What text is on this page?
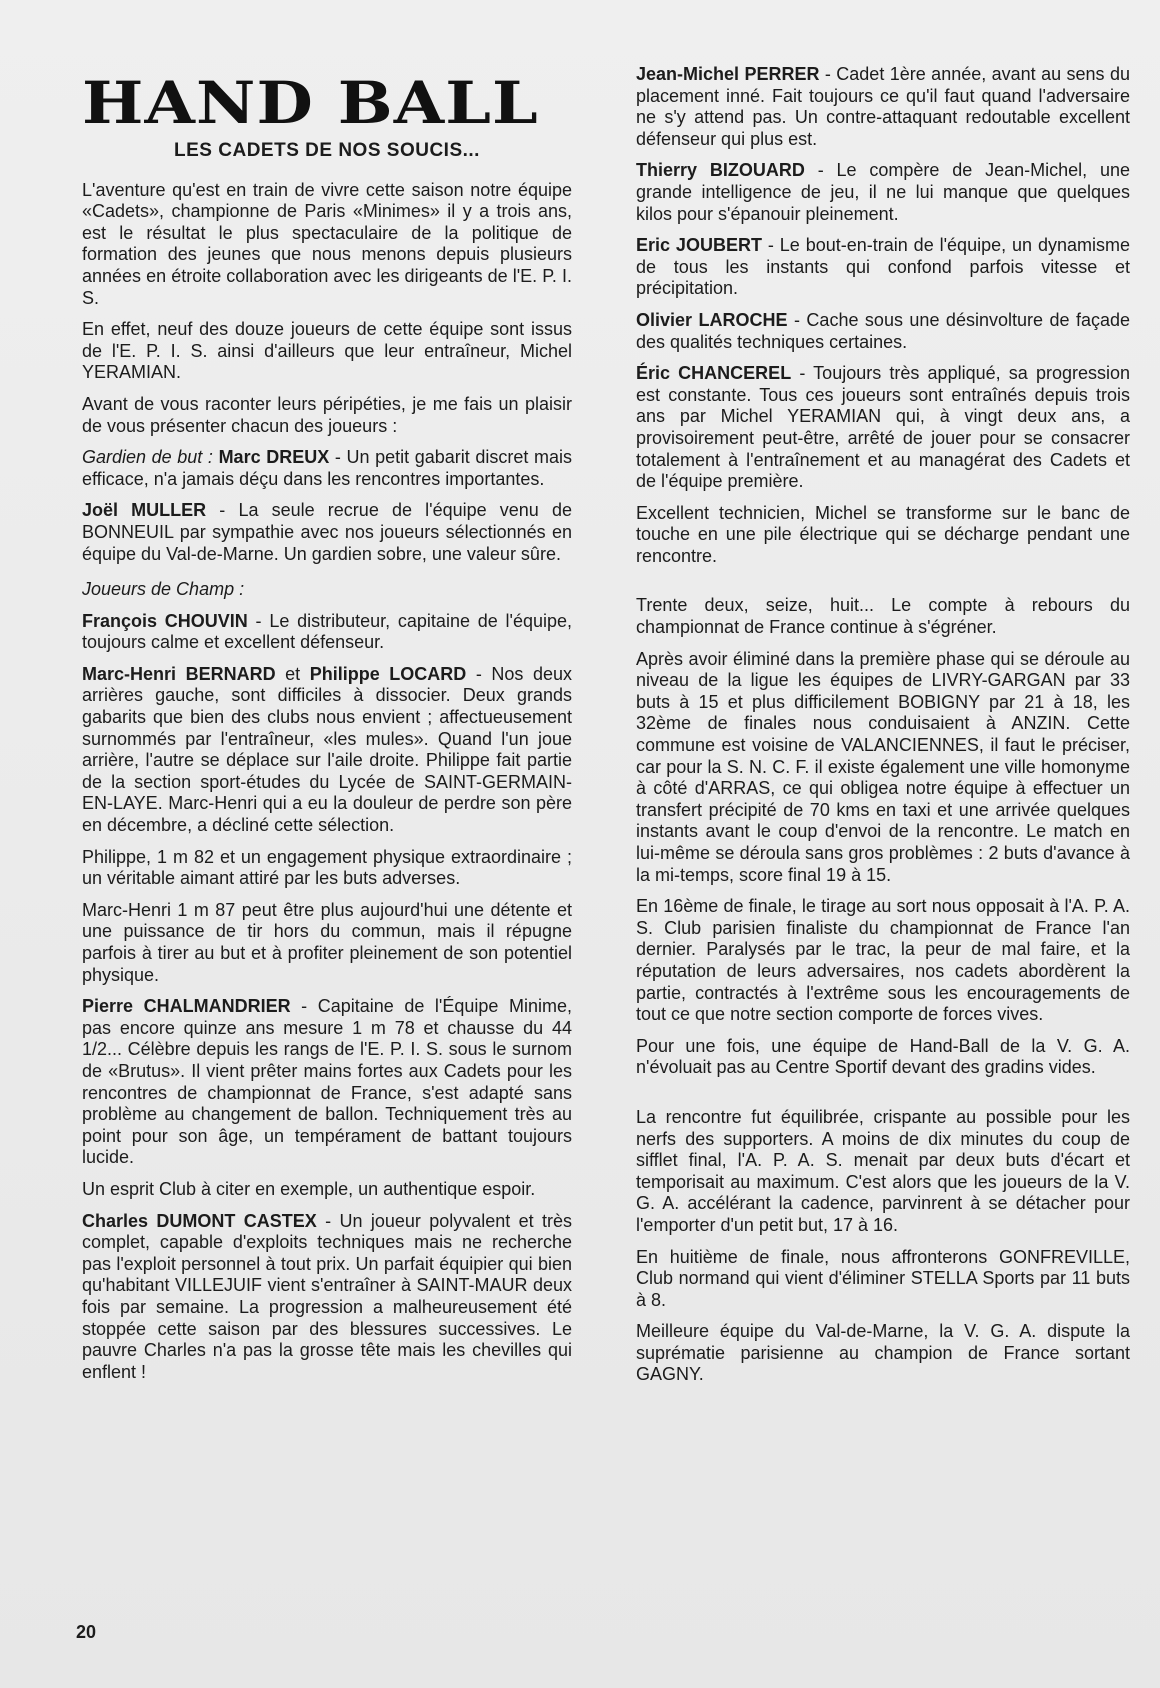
HAND BALL
LES CADETS DE NOS SOUCIS...

L'aventure qu'est en train de vivre cette saison notre équipe «Cadets», championne de Paris «Minimes» il y a trois ans, est le résultat le plus spectaculaire de la politique de formation des jeunes que nous menons depuis plusieurs années en étroite collaboration avec les dirigeants de l'E. P. I. S.

En effet, neuf des douze joueurs de cette équipe sont issus de l'E. P. I. S. ainsi d'ailleurs que leur entraîneur, Michel YERAMIAN.

Avant de vous raconter leurs péripéties, je me fais un plaisir de vous présenter chacun des joueurs :

Gardien de but : Marc DREUX - Un petit gabarit discret mais efficace, n'a jamais déçu dans les rencontres importantes.

Joël MULLER - La seule recrue de l'équipe venu de BONNEUIL par sympathie avec nos joueurs sélectionnés en équipe du Val-de-Marne. Un gardien sobre, une valeur sûre.

Joueurs de Champ :

François CHOUVIN - Le distributeur, capitaine de l'équipe, toujours calme et excellent défenseur.

Marc-Henri BERNARD et Philippe LOCARD - Nos deux arrières gauche, sont difficiles à dissocier. Deux grands gabarits que bien des clubs nous envient ; affectueusement surnommés par l'entraîneur, «les mules». Quand l'un joue arrière, l'autre se déplace sur l'aile droite. Philippe fait partie de la section sport-études du Lycée de SAINT-GERMAIN-EN-LAYE. Marc-Henri qui a eu la douleur de perdre son père en décembre, a décliné cette sélection.

Philippe, 1 m 82 et un engagement physique extraordinaire ; un véritable aimant attiré par les buts adverses.

Marc-Henri 1 m 87 peut être plus aujourd'hui une détente et une puissance de tir hors du commun, mais il répugne parfois à tirer au but et à profiter pleinement de son potentiel physique.

Pierre CHALMANDRIER - Capitaine de l'Équipe Minime, pas encore quinze ans mesure 1 m 78 et chausse du 44 1/2... Célèbre depuis les rangs de l'E. P. I. S. sous le surnom de «Brutus». Il vient prêter mains fortes aux Cadets pour les rencontres de championnat de France, s'est adapté sans problème au changement de ballon. Techniquement très au point pour son âge, un tempérament de battant toujours lucide.

Un esprit Club à citer en exemple, un authentique espoir.

Charles DUMONT CASTEX - Un joueur polyvalent et très complet, capable d'exploits techniques mais ne recherche pas l'exploit personnel à tout prix. Un parfait équipier qui bien qu'habitant VILLEJUIF vient s'entraîner à SAINT-MAUR deux fois par semaine. La progression a malheureusement été stoppée cette saison par des blessures successives. Le pauvre Charles n'a pas la grosse tête mais les chevilles qui enflent !

Jean-Michel PERRER - Cadet 1ère année, avant au sens du placement inné. Fait toujours ce qu'il faut quand l'adversaire ne s'y attend pas. Un contre-attaquant redoutable excellent défenseur qui plus est.

Thierry BIZOUARD - Le compère de Jean-Michel, une grande intelligence de jeu, il ne lui manque que quelques kilos pour s'épanouir pleinement.

Eric JOUBERT - Le bout-en-train de l'équipe, un dynamisme de tous les instants qui confond parfois vitesse et précipitation.

Olivier LAROCHE - Cache sous une désinvolture de façade des qualités techniques certaines.

Éric CHANCEREL - Toujours très appliqué, sa progression est constante. Tous ces joueurs sont entraînés depuis trois ans par Michel YERAMIAN qui, à vingt deux ans, a provisoirement peut-être, arrêté de jouer pour se consacrer totalement à l'entraînement et au managérat des Cadets et de l'équipe première.

Excellent technicien, Michel se transforme sur le banc de touche en une pile électrique qui se décharge pendant une rencontre.

Trente deux, seize, huit... Le compte à rebours du championnat de France continue à s'égréner.

Après avoir éliminé dans la première phase qui se déroule au niveau de la ligue les équipes de LIVRY-GARGAN par 33 buts à 15 et plus difficilement BOBIGNY par 21 à 18, les 32ème de finales nous conduisaient à ANZIN. Cette commune est voisine de VALANCIENNES, il faut le préciser, car pour la S. N. C. F. il existe également une ville homonyme à côté d'ARRAS, ce qui obligea notre équipe à effectuer un transfert précipité de 70 kms en taxi et une arrivée quelques instants avant le coup d'envoi de la rencontre. Le match en lui-même se déroula sans gros problèmes : 2 buts d'avance à la mi-temps, score final 19 à 15.

En 16ème de finale, le tirage au sort nous opposait à l'A. P. A. S. Club parisien finaliste du championnat de France l'an dernier. Paralysés par le trac, la peur de mal faire, et la réputation de leurs adversaires, nos cadets abordèrent la partie, contractés à l'extrême sous les encouragements de tout ce que notre section comporte de forces vives.

Pour une fois, une équipe de Hand-Ball de la V. G. A. n'évoluait pas au Centre Sportif devant des gradins vides.

La rencontre fut équilibrée, crispante au possible pour les nerfs des supporters. A moins de dix minutes du coup de sifflet final, l'A. P. A. S. menait par deux buts d'écart et temporisait au maximum. C'est alors que les joueurs de la V. G. A. accélérant la cadence, parvinrent à se détacher pour l'emporter d'un petit but, 17 à 16.

En huitième de finale, nous affronterons GONFREVILLE, Club normand qui vient d'éliminer STELLA Sports par 11 buts à 8.

Meilleure équipe du Val-de-Marne, la V. G. A. dispute la suprématie parisienne au champion de France sortant GAGNY.

20
